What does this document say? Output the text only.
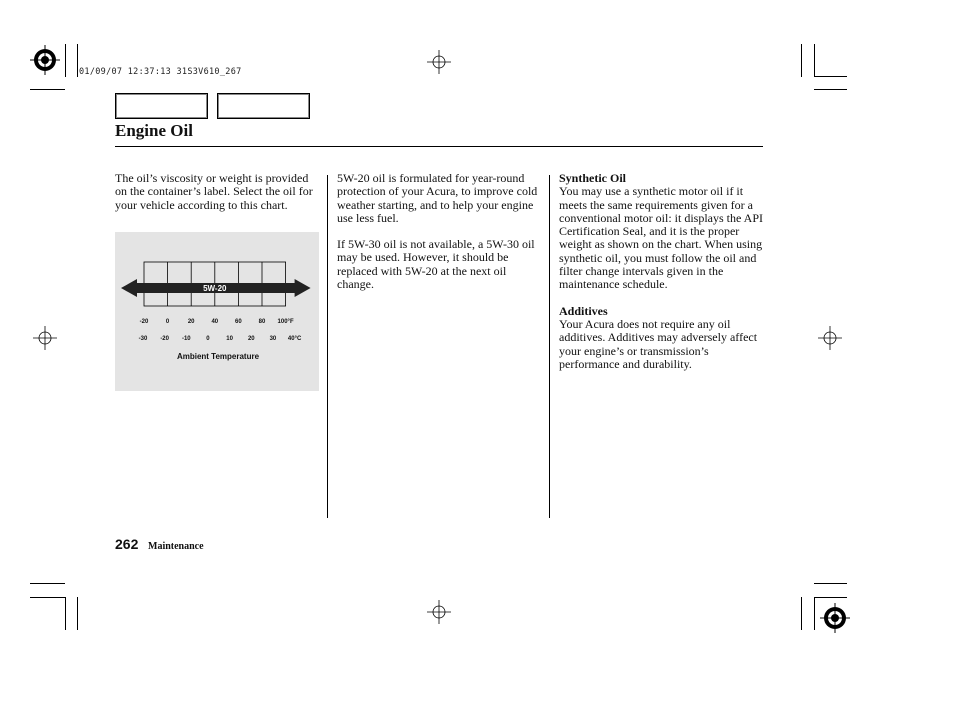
01/09/07 12:37:13 31S3V610_267
Engine Oil

The oil’s viscosity or weight is provided on the container’s label. Select the oil for your vehicle according to this chart.

5W-20
-20	0	20	40	60	80 100°F
-30 -20 -10	0	10 20 30 40°C
Ambient Temperature

5W-20 oil is formulated for year-round protection of your Acura, to improve cold weather starting, and to help your engine use less fuel.

If 5W-30 oil is not available, a 5W-30 oil may be used. However, it should be replaced with 5W-20 at the next oil change.

Synthetic Oil

You may use a synthetic motor oil if it meets the same requirements given for a conventional motor oil: it displays the API Certification Seal, and it is the proper weight as shown on the chart. When using synthetic oil, you must follow the oil and filter change intervals given in the maintenance schedule.

Additives

Your Acura does not require any oil additives. Additives may adversely affect your engine’s or transmission’s performance and durability.

262 Maintenance
